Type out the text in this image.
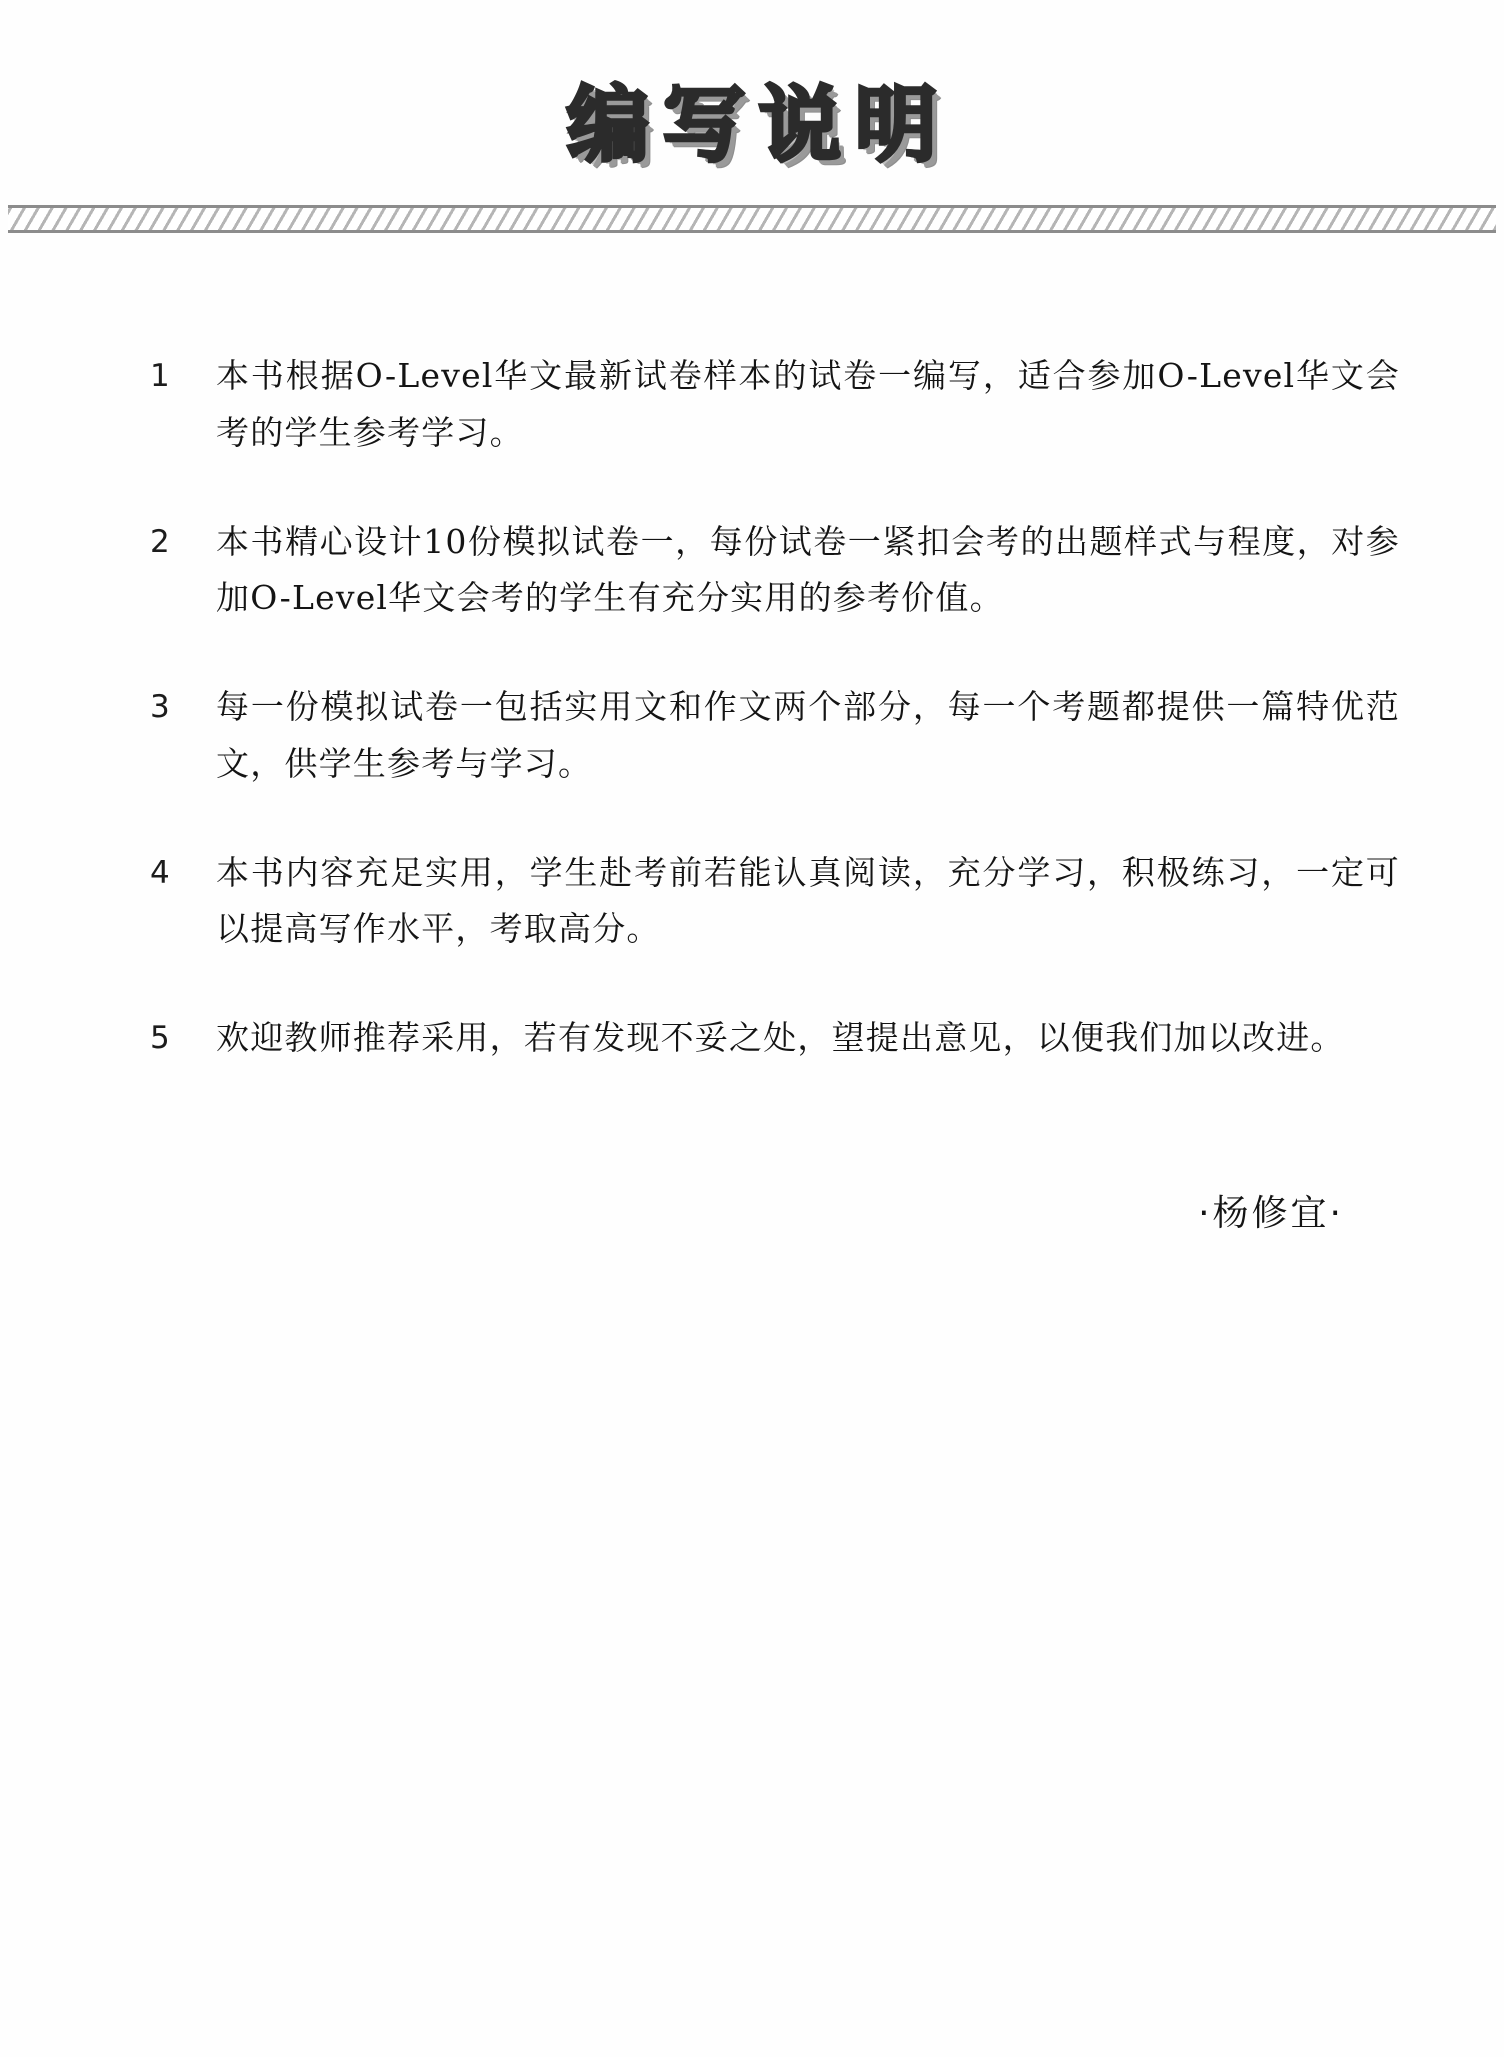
编写说明
1	本书根据O-Level华文最新试卷样本的试卷一编写，适合参加O-Level华文会考的学生参考学习。
2	本书精心设计10份模拟试卷一，每份试卷一紧扣会考的出题样式与程度，对参加O-Level华文会考的学生有充分实用的参考价值。
3	每一份模拟试卷一包括实用文和作文两个部分，每一个考题都提供一篇特优范文，供学生参考与学习。
4	本书内容充足实用，学生赴考前若能认真阅读，充分学习，积极练习，一定可以提高写作水平，考取高分。
5	欢迎教师推荐采用，若有发现不妥之处，望提出意见，以便我们加以改进。
·杨修宜·
